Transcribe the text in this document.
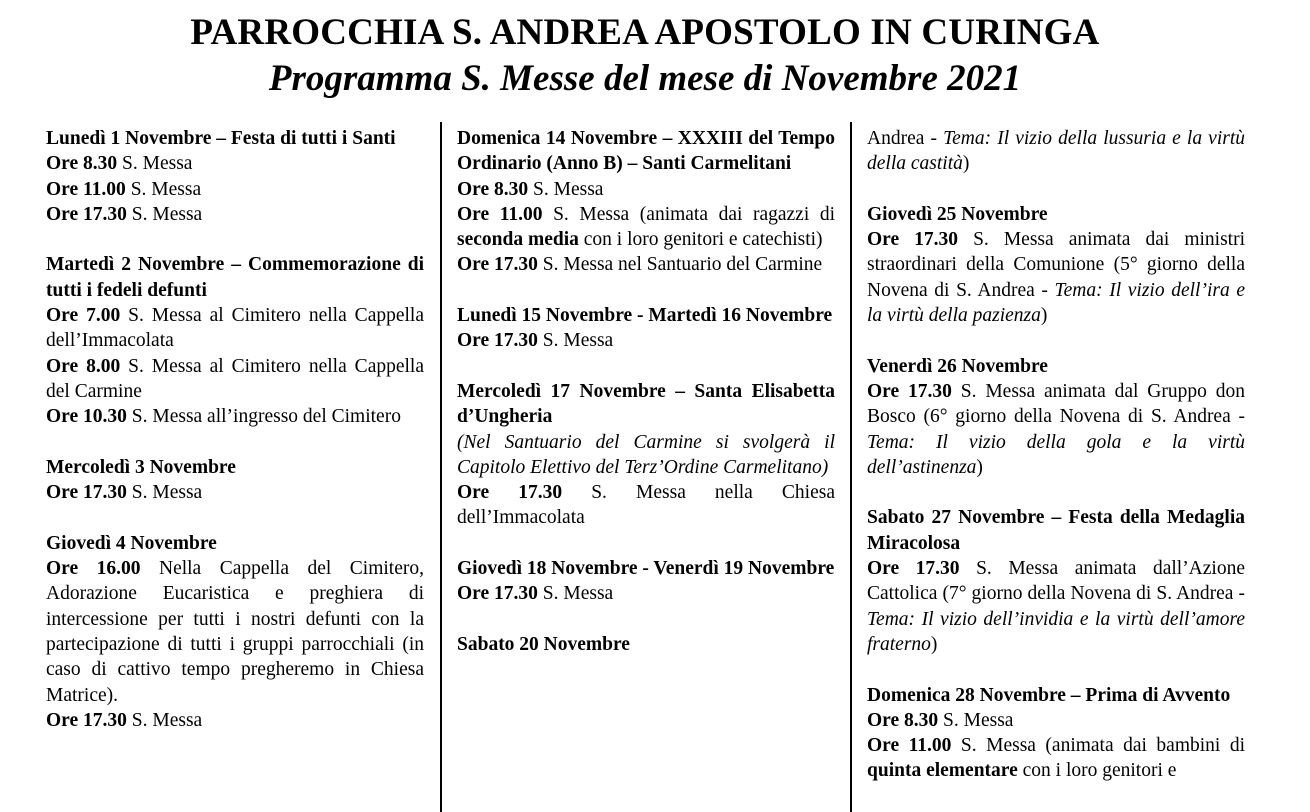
PARROCCHIA S. ANDREA APOSTOLO IN CURINGA
Programma S. Messe del mese di Novembre 2021

Lunedì 1 Novembre – Festa di tutti i Santi

Ore 8.30 S. Messa

Ore 11.00 S. Messa

Ore 17.30 S. Messa

Martedì 2 Novembre – Commemorazione di tutti i fedeli defunti

Ore 7.00 S. Messa al Cimitero nella Cappella dell’Immacolata

Ore 8.00 S. Messa al Cimitero nella Cappella del Carmine

Ore 10.30 S. Messa all’ingresso del Cimitero

Mercoledì 3 Novembre

Ore 17.30 S. Messa

Giovedì 4 Novembre

Ore 16.00 Nella Cappella del Cimitero, Adorazione Eucaristica e preghiera di intercessione per tutti i nostri defunti con la partecipazione di tutti i gruppi parrocchiali (in caso di cattivo tempo pregheremo in Chiesa Matrice).

Ore 17.30 S. Messa

Domenica 14 Novembre – XXXIII del Tempo Ordinario (Anno B) – Santi Carmelitani

Ore 8.30 S. Messa

Ore 11.00 S. Messa (animata dai ragazzi di seconda media con i loro genitori e catechisti)

Ore 17.30 S. Messa nel Santuario del Carmine

Lunedì 15 Novembre - Martedì 16 Novembre

Ore 17.30 S. Messa

Mercoledì 17 Novembre – Santa Elisabetta d’Ungheria

(Nel Santuario del Carmine si svolgerà il Capitolo Elettivo del Terz’Ordine Carmelitano)

Ore 17.30 S. Messa nella Chiesa dell’Immacolata

Giovedì 18 Novembre - Venerdì 19 Novembre

Ore 17.30 S. Messa

Sabato 20 Novembre

Andrea - Tema: Il vizio della lussuria e la virtù della castità)

Giovedì 25 Novembre

Ore 17.30 S. Messa animata dai ministri straordinari della Comunione (5° giorno della Novena di S. Andrea - Tema: Il vizio dell’ira e la virtù della pazienza)

Venerdì 26 Novembre

Ore 17.30 S. Messa animata dal Gruppo don Bosco (6° giorno della Novena di S. Andrea - Tema: Il vizio della gola e la virtù dell’astinenza)

Sabato 27 Novembre – Festa della Medaglia Miracolosa

Ore 17.30 S. Messa animata dall’Azione Cattolica (7° giorno della Novena di S. Andrea - Tema: Il vizio dell’invidia e la virtù dell’amore fraterno)

Domenica 28 Novembre – Prima di Avvento

Ore 8.30 S. Messa

Ore 11.00 S. Messa (animata dai bambini di quinta elementare con i loro genitori e
